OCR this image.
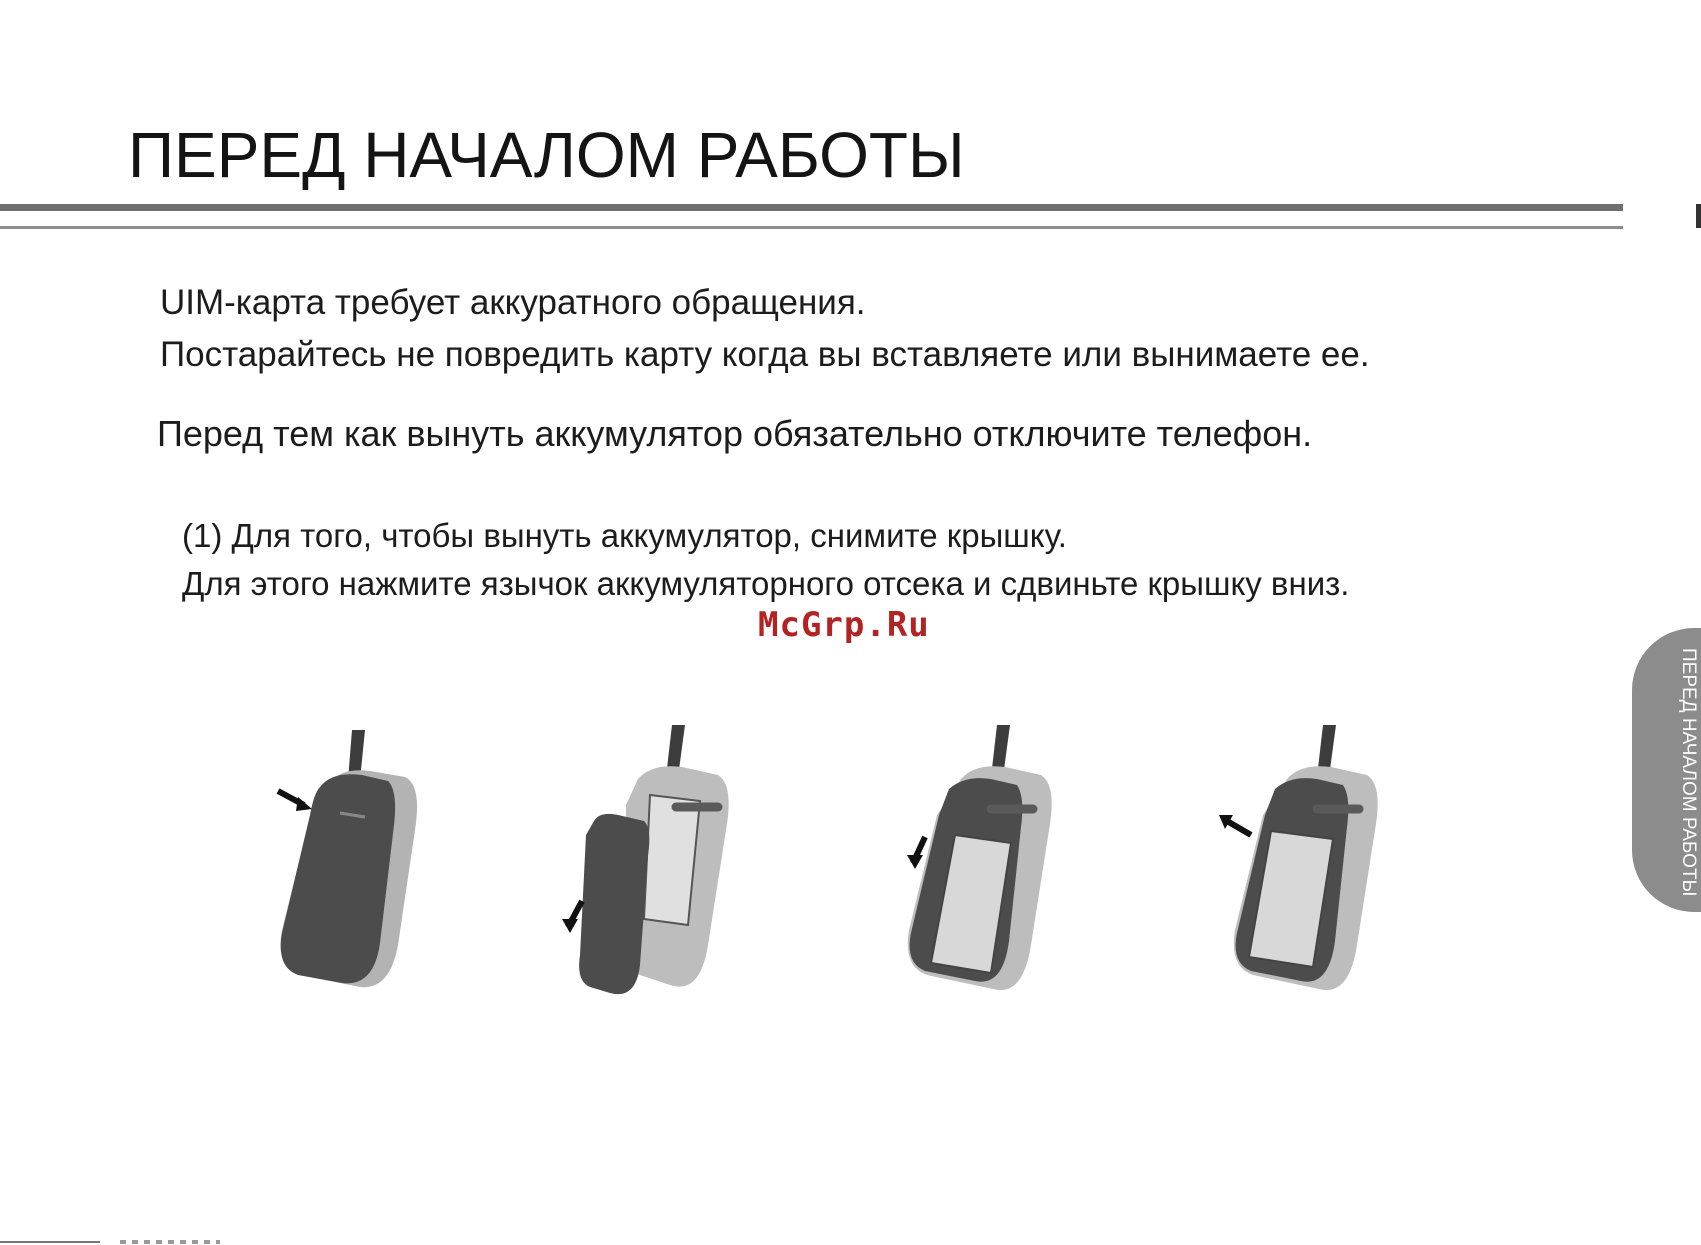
ПЕРЕД НАЧАЛОМ РАБОТЫ

UIM-карта требует аккуратного обращения.

Постарайтесь не повредить карту когда вы вставляете или вынимаете ее.

Перед тем как вынуть аккумулятор обязательно отключите телефон.

(1) Для того, чтобы вынуть аккумулятор, снимите крышку.

Для этого нажмите язычок аккумуляторного отсека и сдвиньте крышку вниз.

McGrp.Ru
ПЕРЕД НАЧАЛОМ РАБОТЫ
